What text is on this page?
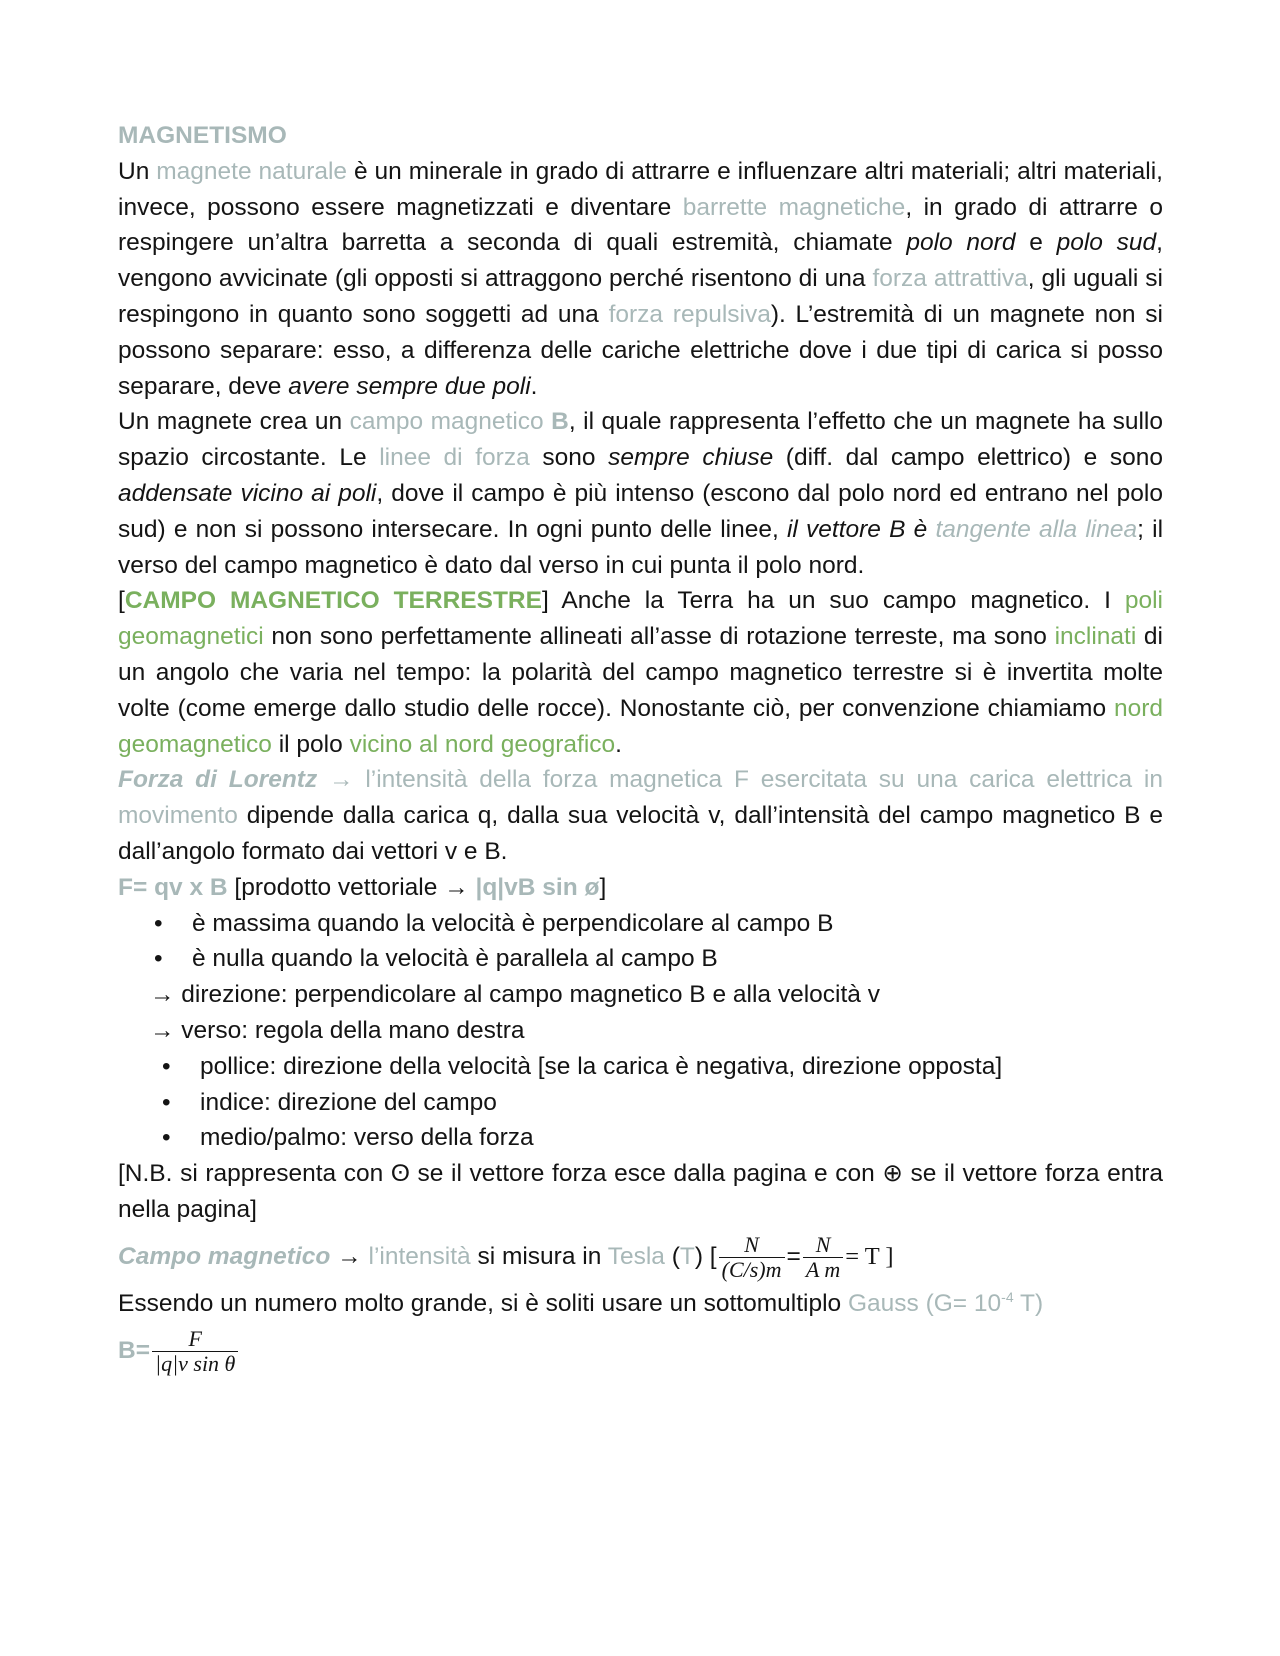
MAGNETISMO

Un magnete naturale è un minerale in grado di attrarre e influenzare altri materiali; altri materiali, invece, possono essere magnetizzati e diventare barrette magnetiche, in grado di attrarre o respingere un’altra barretta a seconda di quali estremità, chiamate polo nord e polo sud, vengono avvicinate (gli opposti si attraggono perché risentono di una forza attrattiva, gli uguali si respingono in quanto sono soggetti ad una forza repulsiva). L’estremità di un magnete non si possono separare: esso, a differenza delle cariche elettriche dove i due tipi di carica si posso separare, deve avere sempre due poli.

Un magnete crea un campo magnetico B, il quale rappresenta l’effetto che un magnete ha sullo spazio circostante. Le linee di forza sono sempre chiuse (diff. dal campo elettrico) e sono addensate vicino ai poli, dove il campo è più intenso (escono dal polo nord ed entrano nel polo sud) e non si possono intersecare. In ogni punto delle linee, il vettore B è tangente alla linea; il verso del campo magnetico è dato dal verso in cui punta il polo nord.

[CAMPO MAGNETICO TERRESTRE] Anche la Terra ha un suo campo magnetico. I poli geomagnetici non sono perfettamente allineati all’asse di rotazione terreste, ma sono inclinati di un angolo che varia nel tempo: la polarità del campo magnetico terrestre si è invertita molte volte (come emerge dallo studio delle rocce). Nonostante ciò, per convenzione chiamiamo nord geomagnetico il polo vicino al nord geografico.

Forza di Lorentz → l’intensità della forza magnetica F esercitata su una carica elettrica in movimento dipende dalla carica q, dalla sua velocità v, dall’intensità del campo magnetico B e dall’angolo formato dai vettori v e B.

F= qv x B [prodotto vettoriale → |q|vB sin ø]

• è massima quando la velocità è perpendicolare al campo B
• è nulla quando la velocità è parallela al campo B

→ direzione: perpendicolare al campo magnetico B e alla velocità v

→ verso: regola della mano destra

• pollice: direzione della velocità [se la carica è negativa, direzione opposta]
• indice: direzione del campo
• medio/palmo: verso della forza

[N.B. si rappresenta con ʘ se il vettore forza esce dalla pagina e con ⊕ se il vettore forza entra nella pagina]

Campo magnetico → l’intensità si misura in Tesla (T) [ $\frac{N}{(C/s)m} = \frac{N}{\text{A m}} = T$ ]

Essendo un numero molto grande, si è soliti usare un sottomultiplo Gauss ($G= 10^{-4}$ T)

$B= \frac{F}{\text{|q|v sin θ}}$
